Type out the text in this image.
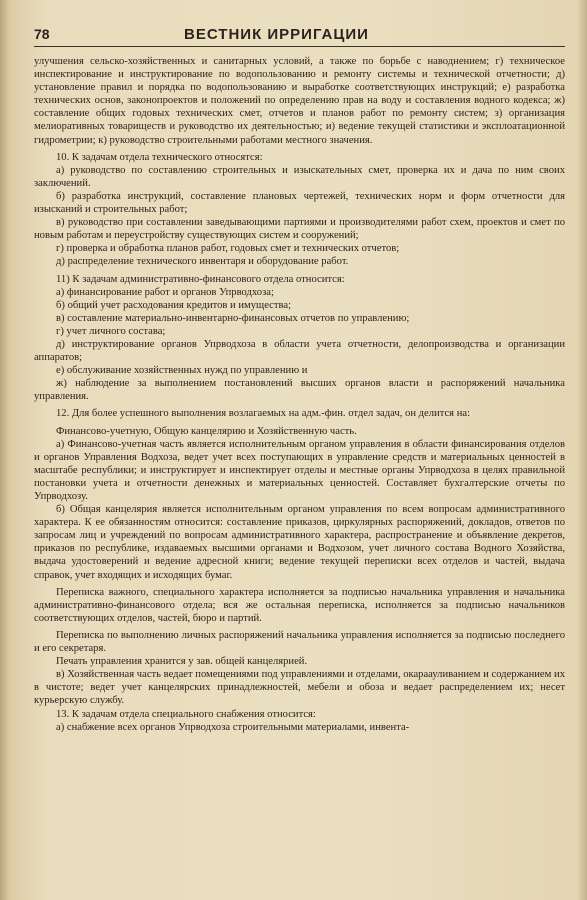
78	ВЕСТНИК ИРРИГАЦИИ

улучшения сельско-хозяйственных и санитарных условий, а также по борьбе с наводнением; г) техническое инспектирование и инструктирование по водопользованию и ремонту системы и технической отчетности; д) установление правил и порядка по водопользованию и выработке соответствующих инструкций; е) разработка технических основ, законопроектов и положений по определению прав на воду и составления водного кодекса; ж) составление общих годовых технических смет, отчетов и планов работ по ремонту систем; з) организация мелиоративных товариществ и руководство их деятельностью; и) ведение текущей статистики и эксплоатационной гидрометрии; к) руководство строительными работами местного значения.

10. К задачам отдела технического относятся:

а) руководство по составлению строительных и изыскательных смет, проверка их и дача по ним своих заключений.

б) разработка инструкций, составление плановых чертежей, технических норм и форм отчетности для изысканий и строительных работ;

в) руководство при составлении заведывающими партиями и производителями работ схем, проектов и смет по новым работам и переустройству существующих систем и сооружений;

г) проверка и обработка планов работ, годовых смет и технических отчетов;

д) распределение технического инвентаря и оборудование работ.

11) К задачам административно-финансового отдела относится:

а) финансирование работ и органов Упрводхоза;

б) общий учет расходования кредитов и имущества;

в) составление материально-инвентарно-финансовых отчетов по управлению;

г) учет личного состава;

д) инструктирование органов Упрводхоза в области учета отчетности, делопроизводства и организации аппаратов;

е) обслуживание хозяйственных нужд по управлению и

ж) наблюдение за выполнением постановлений высших органов власти и распоряжений начальника управления.

12. Для более успешного выполнения возлагаемых на адм.-фин. отдел задач, он делится на:

Финансово-учетную, Общую канцелярию и Хозяйственную часть.

а) Финансово-учетная часть является исполнительным органом управления в области финансирования отделов и органов Управления Водхоза, ведет учет всех поступающих в управление средств и материальных ценностей в масштабе республики; и инструктирует и инспектирует отделы и местные органы Упрводхоза в целях правильной постановки учета и отчетности денежных и материальных ценностей. Составляет бухгалтерские отчеты по Упрводхозу.

б) Общая канцелярия является исполнительным органом управления по всем вопросам административного характера. К ее обязанностям относится: составление приказов, циркулярных распоряжений, докладов, ответов по запросам лиц и учреждений по вопросам административного характера, распространение и объявление декретов, приказов по республике, издаваемых высшими органами и Водхозом, учет личного состава Водного Хозяйства, выдача удостоверений и ведение адресной книги; ведение текущей переписки всех отделов и частей, выдача справок, учет входящих и исходящих бумаг.

Переписка важного, специального характера исполняется за подписью начальника управления и начальника административно-финансового отдела; вся же остальная переписка, исполняется за подписью начальников соответствующих отделов, частей, бюро и партий.

Переписка по выполнению личных распоряжений начальника управления исполняется за подписью последнего и его секретаря.

Печать управления хранится у зав. общей канцелярией.

в) Хозяйственная часть ведает помещениями под управлениями и отделами, окараауливанием и содержанием их в чистоте; ведет учет канцелярских принадлежностей, мебели и обоза и ведает распределением их; несет курьерскую службу.

13. К задачам отдела специального снабжения относится:

а) снабжение всех органов Упрводхоза строительными материалами, инвента-
